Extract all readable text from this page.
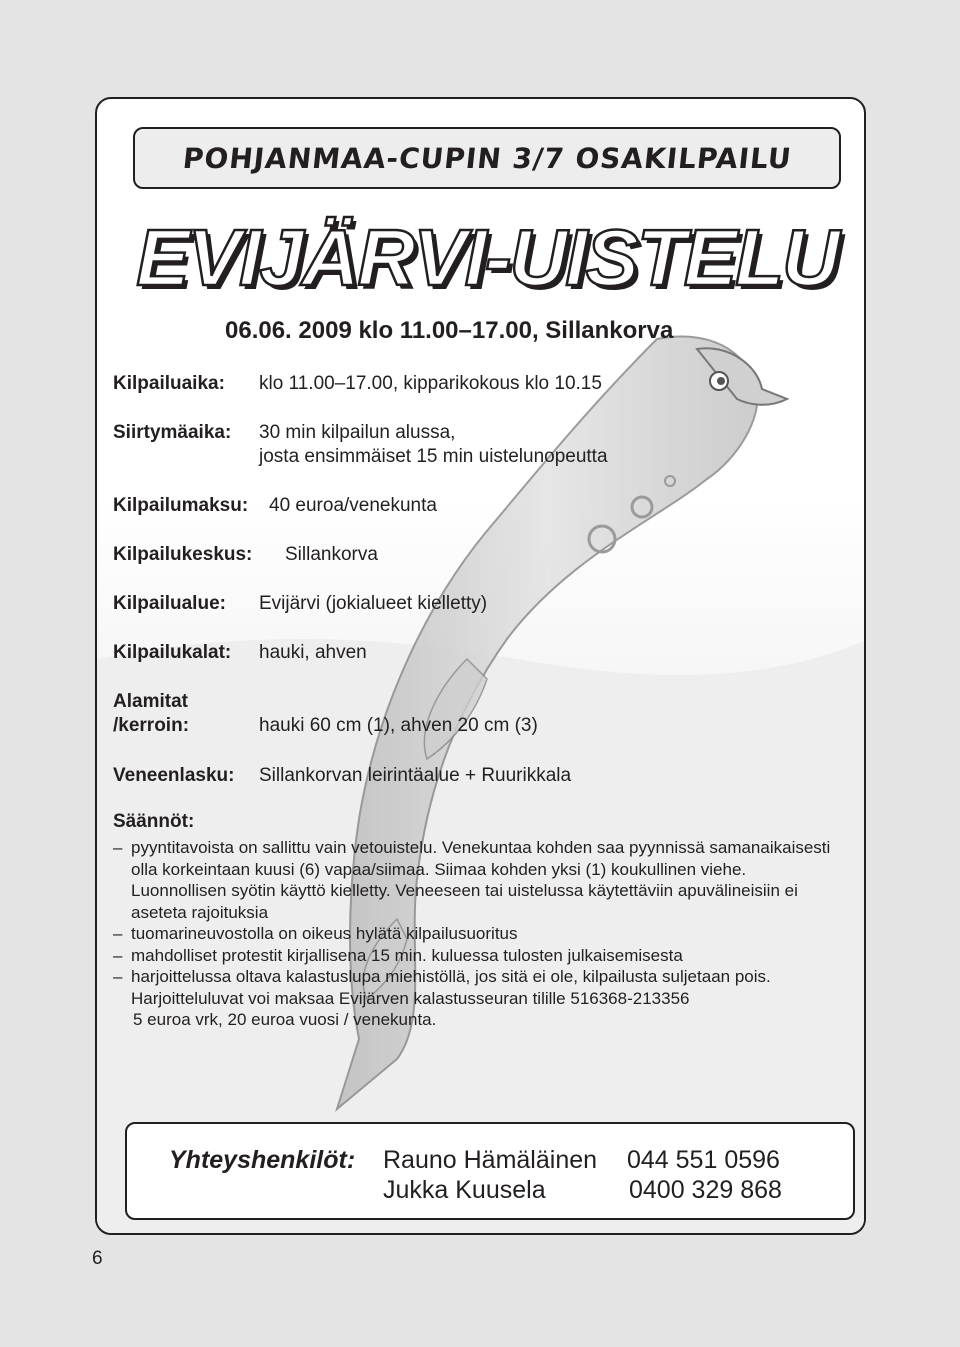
POHJANMAA-CUPIN 3/7 OSAKILPAILU
EVIJÄRVI-UISTELU
06.06. 2009 klo 11.00–17.00, Sillankorva
Kilpailuaika: klo 11.00–17.00, kipparikokous klo 10.15
Siirtymäaika: 30 min kilpailun alussa,
josta ensimmäiset 15 min uistelunopeutta
Kilpailumaksu: 40 euroa/venekunta
Kilpailukeskus: Sillankorva
Kilpailualue: Evijärvi (jokialueet kielletty)
Kilpailukalat: hauki, ahven
Alamitat
/kerroin:	hauki 60 cm (1), ahven 20 cm (3)
Veneenlasku: Sillankorvan leirintäalue + Ruurikkala
Säännöt:

– pyyntitavoista on sallittu vain vetouistelu. Venekuntaa kohden saa pyynnissä samanaikaisesti olla korkeintaan kuusi (6) vapaa/siimaa. Siimaa kohden yksi (1) koukullinen viehe. Luonnollisen syötin käyttö kielletty. Veneeseen tai uistelussa käytettäviin apuvälineisiin ei aseteta rajoituksia

– tuomarineuvostolla on oikeus hylätä kilpailusuoritus

– mahdolliset protestit kirjallisena 15 min. kuluessa tulosten julkaisemisesta

– harjoittelussa oltava kalastuslupa miehistöllä, jos sitä ei ole, kilpailusta suljetaan pois. Harjoitteluluvat voi maksaa Evijärven kalastusseuran tilille 516368-213356

5 euroa vrk, 20 euroa vuosi / venekunta.

Yhteyshenkilöt: Rauno Hämäläinen 044 551 0596
Jukka Kuusela	0400 329 868
6
